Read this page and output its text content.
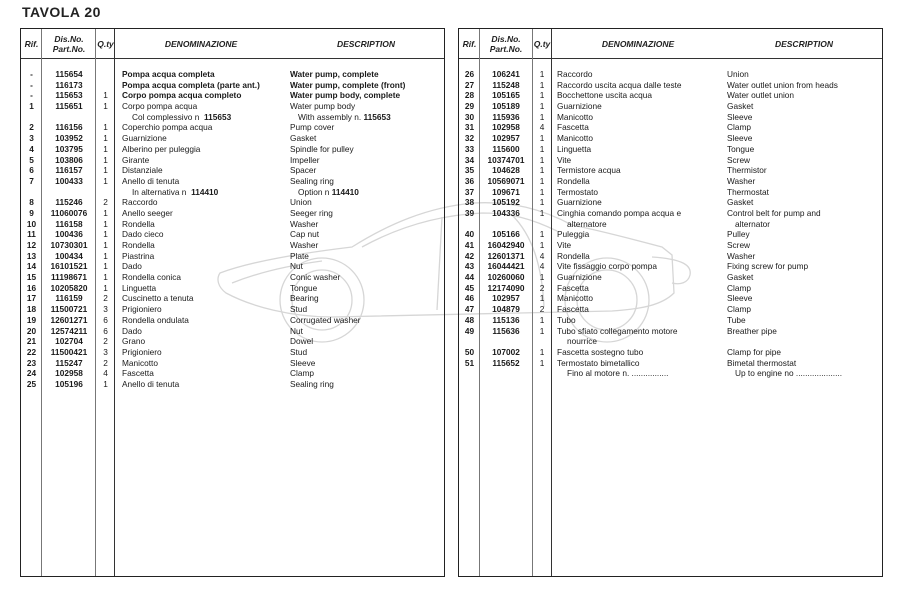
TAVOLA 20
Rif.	Dis.No.
Part.No. Q.ty	DENOMINAZIONE	DESCRIPTION
-	115654	Pompa acqua completa	Water pump, complete
-	116173	Pompa acqua completa (parte ant.)	Water pump, complete (front)
-	115653	1	Corpo pompa acqua completo	Water pump body, complete
1	115651	1	Corpo pompa acqua	Water pump body
Col complessivo n 115653	With assembly n. 115653
2	116156	1	Coperchio pompa acqua	Pump cover
3	103952	1	Guarnizione	Gasket
4	103795	1	Alberino per puleggia	Spindle for pulley
5	103806	1	Girante	Impeller
6	116157	1	Distanziale	Spacer
7	100433	1	Anello di tenuta	Sealing ring
In alternativa n 114410	Option n 114410
8	115246	2	Raccordo	Union
9	11060076	1	Anello seeger	Seeger ring
10	116158	1	Rondella	Washer
11	100436	1	Dado cieco	Cap nut
12	10730301	1	Rondella	Washer
13	100434	1	Piastrina	Plate
14	16101521	1	Dado	Nut
15	11198671	1	Rondella conica	Conic washer
16	10205820	1	Linguetta	Tongue
17	116159	2	Cuscinetto a tenuta	Bearing
18	11500721	3	Prigioniero	Stud
19	12601271	6	Rondella ondulata	Corrugated washer
20	12574211	6	Dado	Nut
21	102704	2	Grano	Dowel
22	11500421	3	Prigioniero	Stud
23	115247	2	Manicotto	Sleeve
24	102958	4	Fascetta	Clamp
25	105196	1	Anello di tenuta	Sealing ring
Rif.	Dis.No.
Part.No. Q.ty	DENOMINAZIONE	DESCRIPTION
26	106241	1	Raccordo	Union
27	115248	1	Raccordo uscita acqua dalle teste	Water outlet union from heads
28	105165	1	Bocchettone uscita acqua	Water outlet union
29	105189	1	Guarnizione	Gasket
30	115936	1	Manicotto	Sleeve
31	102958	4	Fascetta	Clamp
32	102957	1	Manicotto	Sleeve
33	115600	1	Linguetta	Tongue
34	10374701	1	Vite	Screw
35	104628	1	Termistore acqua	Thermistor
36	10569071	1	Rondella	Washer
37	109671	1	Termostato	Thermostat
38	105192	1	Guarnizione	Gasket
39	104336	1	Cinghia comando pompa acqua e	Control belt for pump and
alternatore	alternator
40	105166	1	Puleggia	Pulley
41	16042940	1	Vite	Screw
42	12601371	4	Rondella	Washer
43	16044421	4	Vite fissaggio corpo pompa	Fixing screw for pump
44	10260060	1	Guarnizione	Gasket
45	12174090	2	Fascetta	Clamp
46	102957	1	Manicotto	Sleeve
47	104879	2	Fascetta	Clamp
48	115136	1	Tubo	Tube
49	115636	1	Tubo sfiato collegamento motore	Breather pipe
nourrice
50	107002	1	Fascetta sostegno tubo	Clamp for pipe
51	115652	1	Termostato bimetallico	Bimetal thermostat
Fino al motore n. ................	Up to engine no ....................
